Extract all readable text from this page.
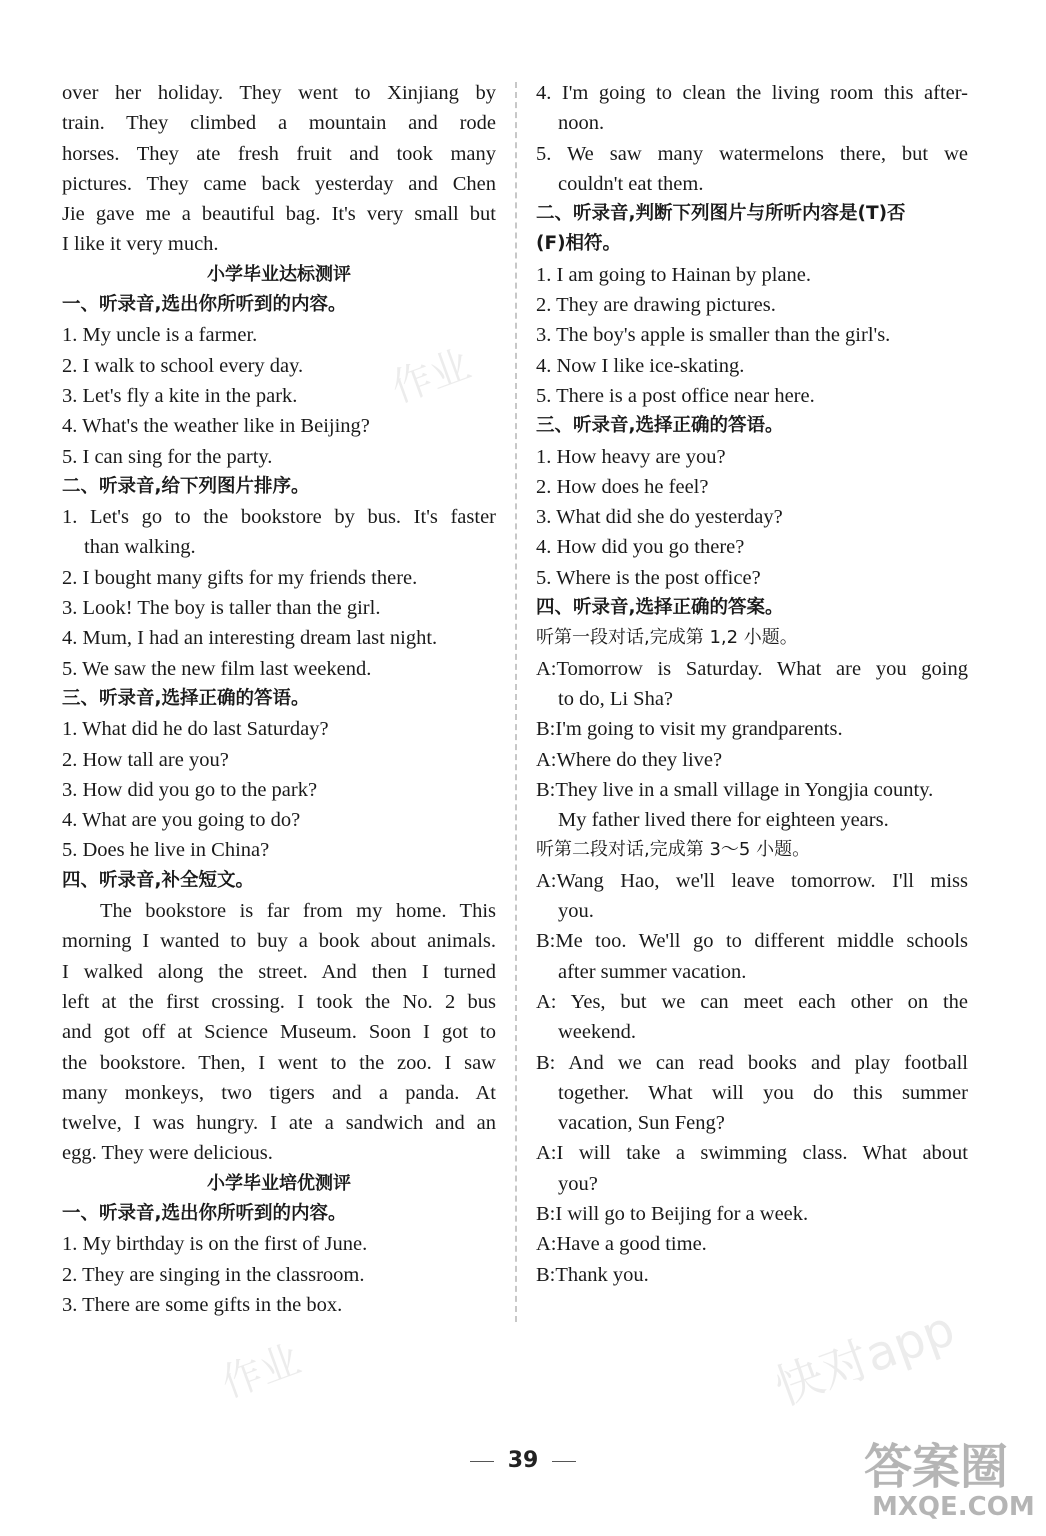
over her holiday. They went to Xinjiang by
train. They climbed a mountain and rode
horses. They ate fresh fruit and took many
pictures. They came back yesterday and Chen
Jie gave me a beautiful bag. It's very small but
I like it very much.
小学毕业达标测评
一、听录音,选出你所听到的内容。
1. My uncle is a farmer.
2. I walk to school every day.
3. Let's fly a kite in the park.
4. What's the weather like in Beijing?
5. I can sing for the party.
二、听录音,给下列图片排序。
1. Let's go to the bookstore by bus. It's faster
than walking.
2. I bought many gifts for my friends there.
3. Look! The boy is taller than the girl.
4. Mum, I had an interesting dream last night.
5. We saw the new film last weekend.
三、听录音,选择正确的答语。
1. What did he do last Saturday?
2. How tall are you?
3. How did you go to the park?
4. What are you going to do?
5. Does he live in China?
四、听录音,补全短文。
The bookstore is far from my home. This
morning I wanted to buy a book about animals.
I walked along the street. And then I turned
left at the first crossing. I took the No. 2 bus
and got off at Science Museum. Soon I got to
the bookstore. Then, I went to the zoo. I saw
many monkeys, two tigers and a panda. At
twelve, I was hungry. I ate a sandwich and an
egg. They were delicious.
小学毕业培优测评
一、听录音,选出你所听到的内容。
1. My birthday is on the first of June.
2. They are singing in the classroom.
3. There are some gifts in the box.
4. I'm going to clean the living room this after-
noon.
5. We saw many watermelons there, but we
couldn't eat them.
二、听录音,判断下列图片与所听内容是(T)否
(F)相符。
1. I am going to Hainan by plane.
2. They are drawing pictures.
3. The boy's apple is smaller than the girl's.
4. Now I like ice-skating.
5. There is a post office near here.
三、听录音,选择正确的答语。
1. How heavy are you?
2. How does he feel?
3. What did she do yesterday?
4. How did you go there?
5. Where is the post office?
四、听录音,选择正确的答案。
听第一段对话,完成第 1,2 小题。
A:Tomorrow is Saturday. What are you going
to do, Li Sha?
B:I'm going to visit my grandparents.
A:Where do they live?
B:They live in a small village in Yongjia county.
My father lived there for eighteen years.
听第二段对话,完成第 3～5 小题。
A:Wang Hao, we'll leave tomorrow. I'll miss
you.
B:Me too. We'll go to different middle schools
after summer vacation.
A: Yes, but we can meet each other on the
weekend.
B: And we can read books and play football
together. What will you do this summer
vacation, Sun Feng?
A:I will take a swimming class. What about
you?
B:I will go to Beijing for a week.
A:Have a good time.
B:Thank you.
作业
快对app
作业
39	答案圈
MXQE.COM
